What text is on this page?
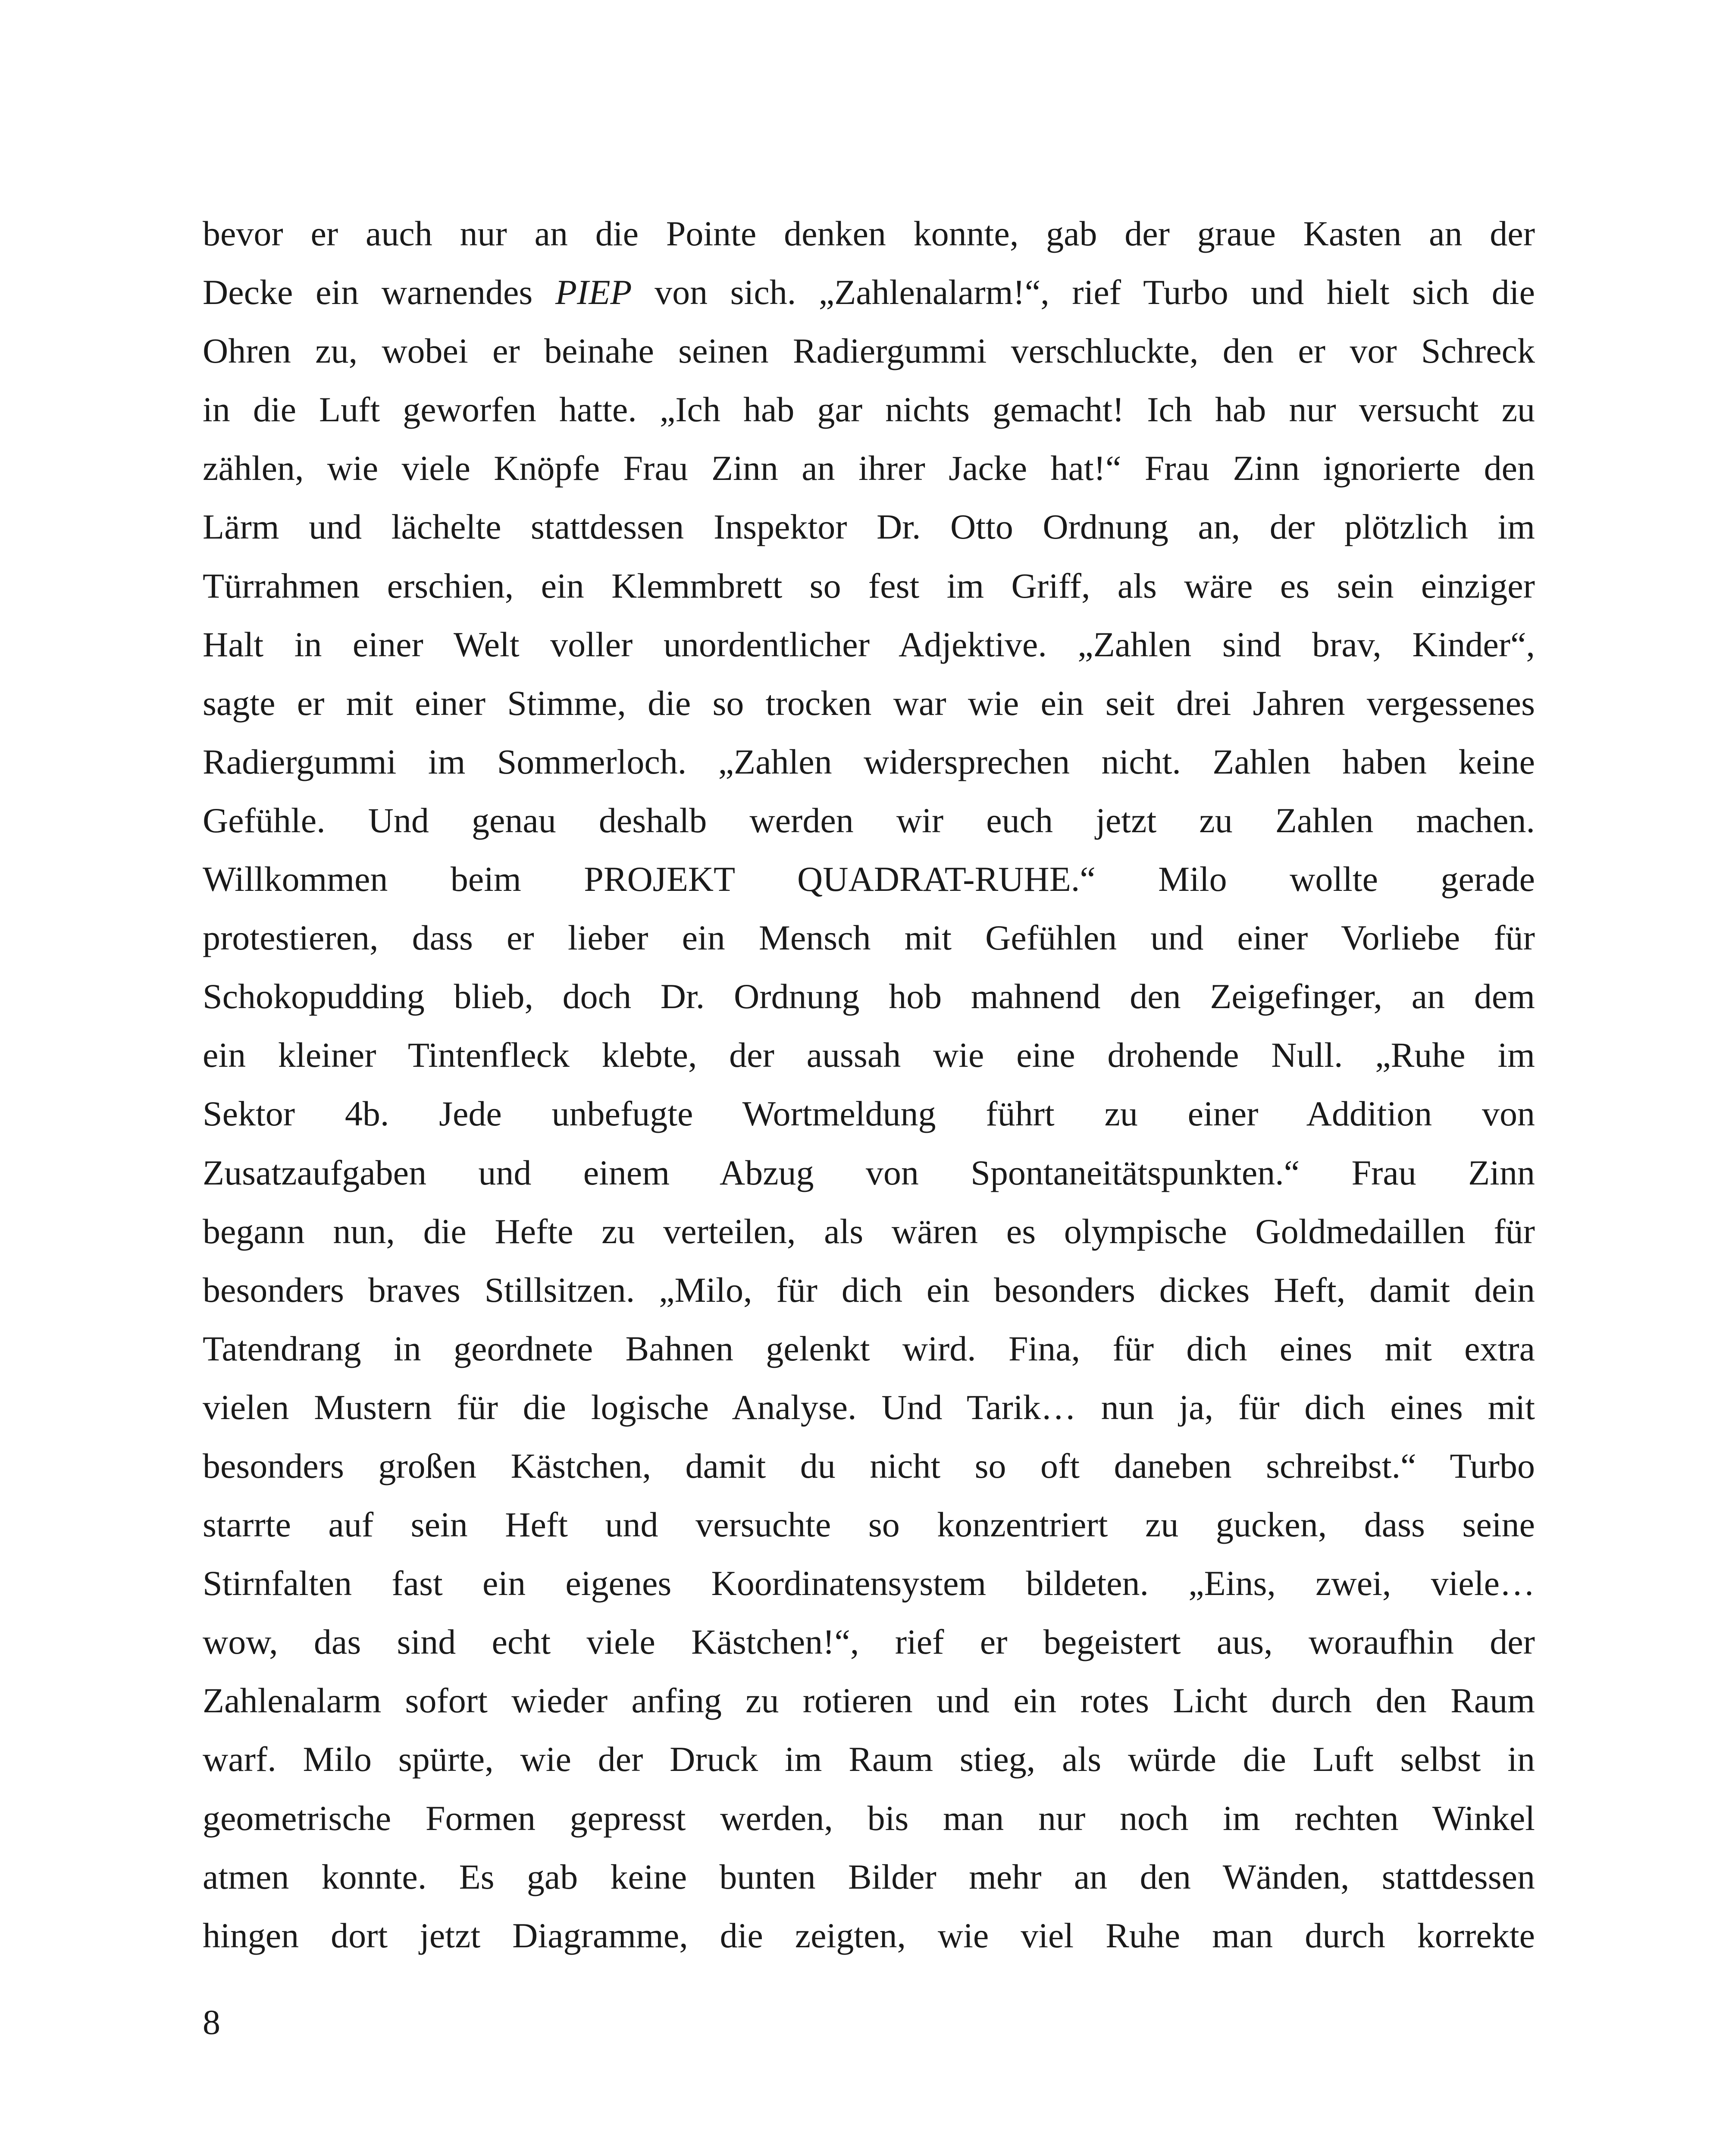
bevor er auch nur an die Pointe denken konnte, gab der graue Kasten an der
Decke ein warnendes PIEP von sich. „Zahlenalarm!“, rief Turbo und hielt sich die
Ohren zu, wobei er beinahe seinen Radiergummi verschluckte, den er vor Schreck
in die Luft geworfen hatte. „Ich hab gar nichts gemacht! Ich hab nur versucht zu
zählen, wie viele Knöpfe Frau Zinn an ihrer Jacke hat!“ Frau Zinn ignorierte den
Lärm und lächelte stattdessen Inspektor Dr. Otto Ordnung an, der plötzlich im
Türrahmen erschien, ein Klemmbrett so fest im Griff, als wäre es sein einziger
Halt in einer Welt voller unordentlicher Adjektive. „Zahlen sind brav, Kinder“,
sagte er mit einer Stimme, die so trocken war wie ein seit drei Jahren vergessenes
Radiergummi im Sommerloch. „Zahlen widersprechen nicht. Zahlen haben keine
Gefühle. Und genau deshalb werden wir euch jetzt zu Zahlen machen.
Willkommen beim PROJEKT QUADRAT-RUHE.“ Milo wollte gerade
protestieren, dass er lieber ein Mensch mit Gefühlen und einer Vorliebe für
Schokopudding blieb, doch Dr. Ordnung hob mahnend den Zeigefinger, an dem
ein kleiner Tintenfleck klebte, der aussah wie eine drohende Null. „Ruhe im
Sektor 4b. Jede unbefugte Wortmeldung führt zu einer Addition von
Zusatzaufgaben und einem Abzug von Spontaneitätspunkten.“ Frau Zinn
begann nun, die Hefte zu verteilen, als wären es olympische Goldmedaillen für
besonders braves Stillsitzen. „Milo, für dich ein besonders dickes Heft, damit dein
Tatendrang in geordnete Bahnen gelenkt wird. Fina, für dich eines mit extra
vielen Mustern für die logische Analyse. Und Tarik… nun ja, für dich eines mit
besonders großen Kästchen, damit du nicht so oft daneben schreibst.“ Turbo
starrte auf sein Heft und versuchte so konzentriert zu gucken, dass seine
Stirnfalten fast ein eigenes Koordinatensystem bildeten. „Eins, zwei, viele…
wow, das sind echt viele Kästchen!“, rief er begeistert aus, woraufhin der
Zahlenalarm sofort wieder anfing zu rotieren und ein rotes Licht durch den Raum
warf. Milo spürte, wie der Druck im Raum stieg, als würde die Luft selbst in
geometrische Formen gepresst werden, bis man nur noch im rechten Winkel
atmen konnte. Es gab keine bunten Bilder mehr an den Wänden, stattdessen
hingen dort jetzt Diagramme, die zeigten, wie viel Ruhe man durch korrekte
8
